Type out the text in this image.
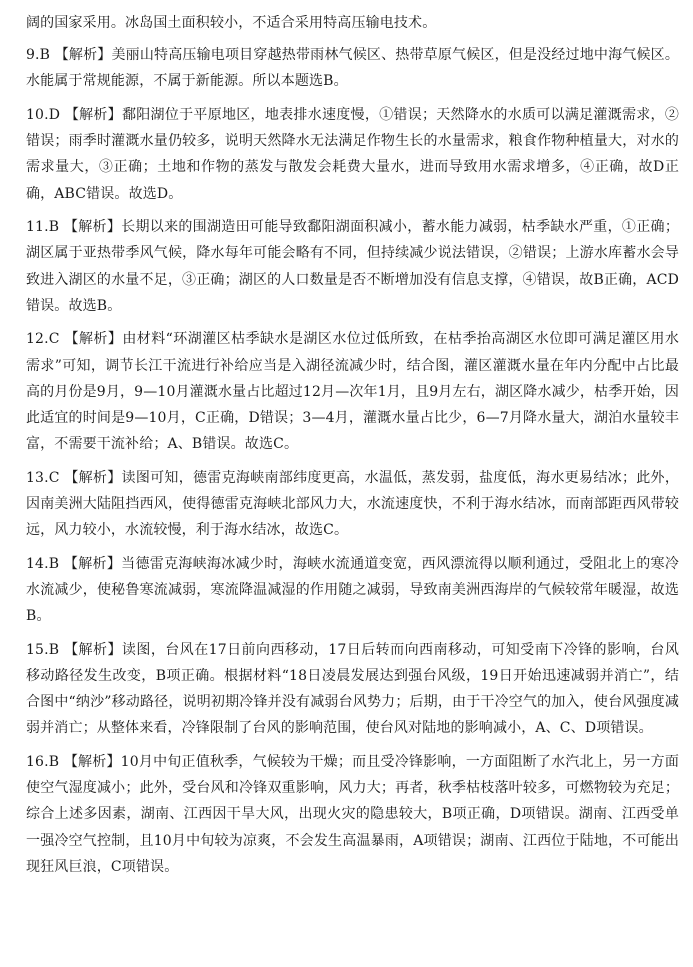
阔的国家采用。冰岛国土面积较小，不适合采用特高压输电技术。

9.B 【解析】美丽山特高压输电项目穿越热带雨林气候区、热带草原气候区，但是没经过地中海气候区。水能属于常规能源，不属于新能源。所以本题选B。

10.D 【解析】鄱阳湖位于平原地区，地表排水速度慢，①错误；天然降水的水质可以满足灌溉需求，②错误；雨季时灌溉水量仍较多，说明天然降水无法满足作物生长的水量需求，粮食作物种植量大，对水的需求量大，③正确；土地和作物的蒸发与散发会耗费大量水，进而导致用水需求增多，④正确，故D正确，ABC错误。故选D。

11.B 【解析】长期以来的围湖造田可能导致鄱阳湖面积减小，蓄水能力减弱，枯季缺水严重，①正确；湖区属于亚热带季风气候，降水每年可能会略有不同，但持续减少说法错误，②错误；上游水库蓄水会导致进入湖区的水量不足，③正确；湖区的人口数量是否不断增加没有信息支撑，④错误，故B正确，ACD错误。故选B。

12.C 【解析】由材料“环湖灌区枯季缺水是湖区水位过低所致，在枯季抬高湖区水位即可满足灌区用水需求”可知，调节长江干流进行补给应当是入湖径流减少时，结合图，灌区灌溉水量在年内分配中占比最高的月份是9月，9—10月灌溉水量占比超过12月—次年1月，且9月左右，湖区降水减少，枯季开始，因此适宜的时间是9—10月，C正确，D错误；3—4月，灌溉水量占比少，6—7月降水量大，湖泊水量较丰富，不需要干流补给；A、B错误。故选C。

13.C 【解析】读图可知，德雷克海峡南部纬度更高，水温低，蒸发弱，盐度低，海水更易结冰；此外，因南美洲大陆阻挡西风，使得德雷克海峡北部风力大，水流速度快，不利于海水结冰，而南部距西风带较远，风力较小，水流较慢，利于海水结冰，故选C。

14.B 【解析】当德雷克海峡海冰减少时，海峡水流通道变宽，西风漂流得以顺利通过，受阻北上的寒冷水流减少，使秘鲁寒流减弱，寒流降温减湿的作用随之减弱，导致南美洲西海岸的气候较常年暖湿，故选B。

15.B 【解析】读图，台风在17日前向西移动，17日后转而向西南移动，可知受南下冷锋的影响，台风移动路径发生改变，B项正确。根据材料“18日凌晨发展达到强台风级，19日开始迅速减弱并消亡”，结合图中“纳沙”移动路径，说明初期冷锋并没有减弱台风势力；后期，由于干冷空气的加入，使台风强度减弱并消亡；从整体来看，冷锋限制了台风的影响范围，使台风对陆地的影响减小，A、C、D项错误。

16.B 【解析】10月中旬正值秋季，气候较为干燥；而且受冷锋影响，一方面阻断了水汽北上，另一方面使空气湿度减小；此外，受台风和冷锋双重影响，风力大；再者，秋季枯枝落叶较多，可燃物较为充足；综合上述多因素，湖南、江西因干旱大风，出现火灾的隐患较大，B项正确，D项错误。湖南、江西受单一强冷空气控制，且10月中旬较为凉爽，不会发生高温暴雨，A项错误；湖南、江西位于陆地，不可能出现狂风巨浪，C项错误。
